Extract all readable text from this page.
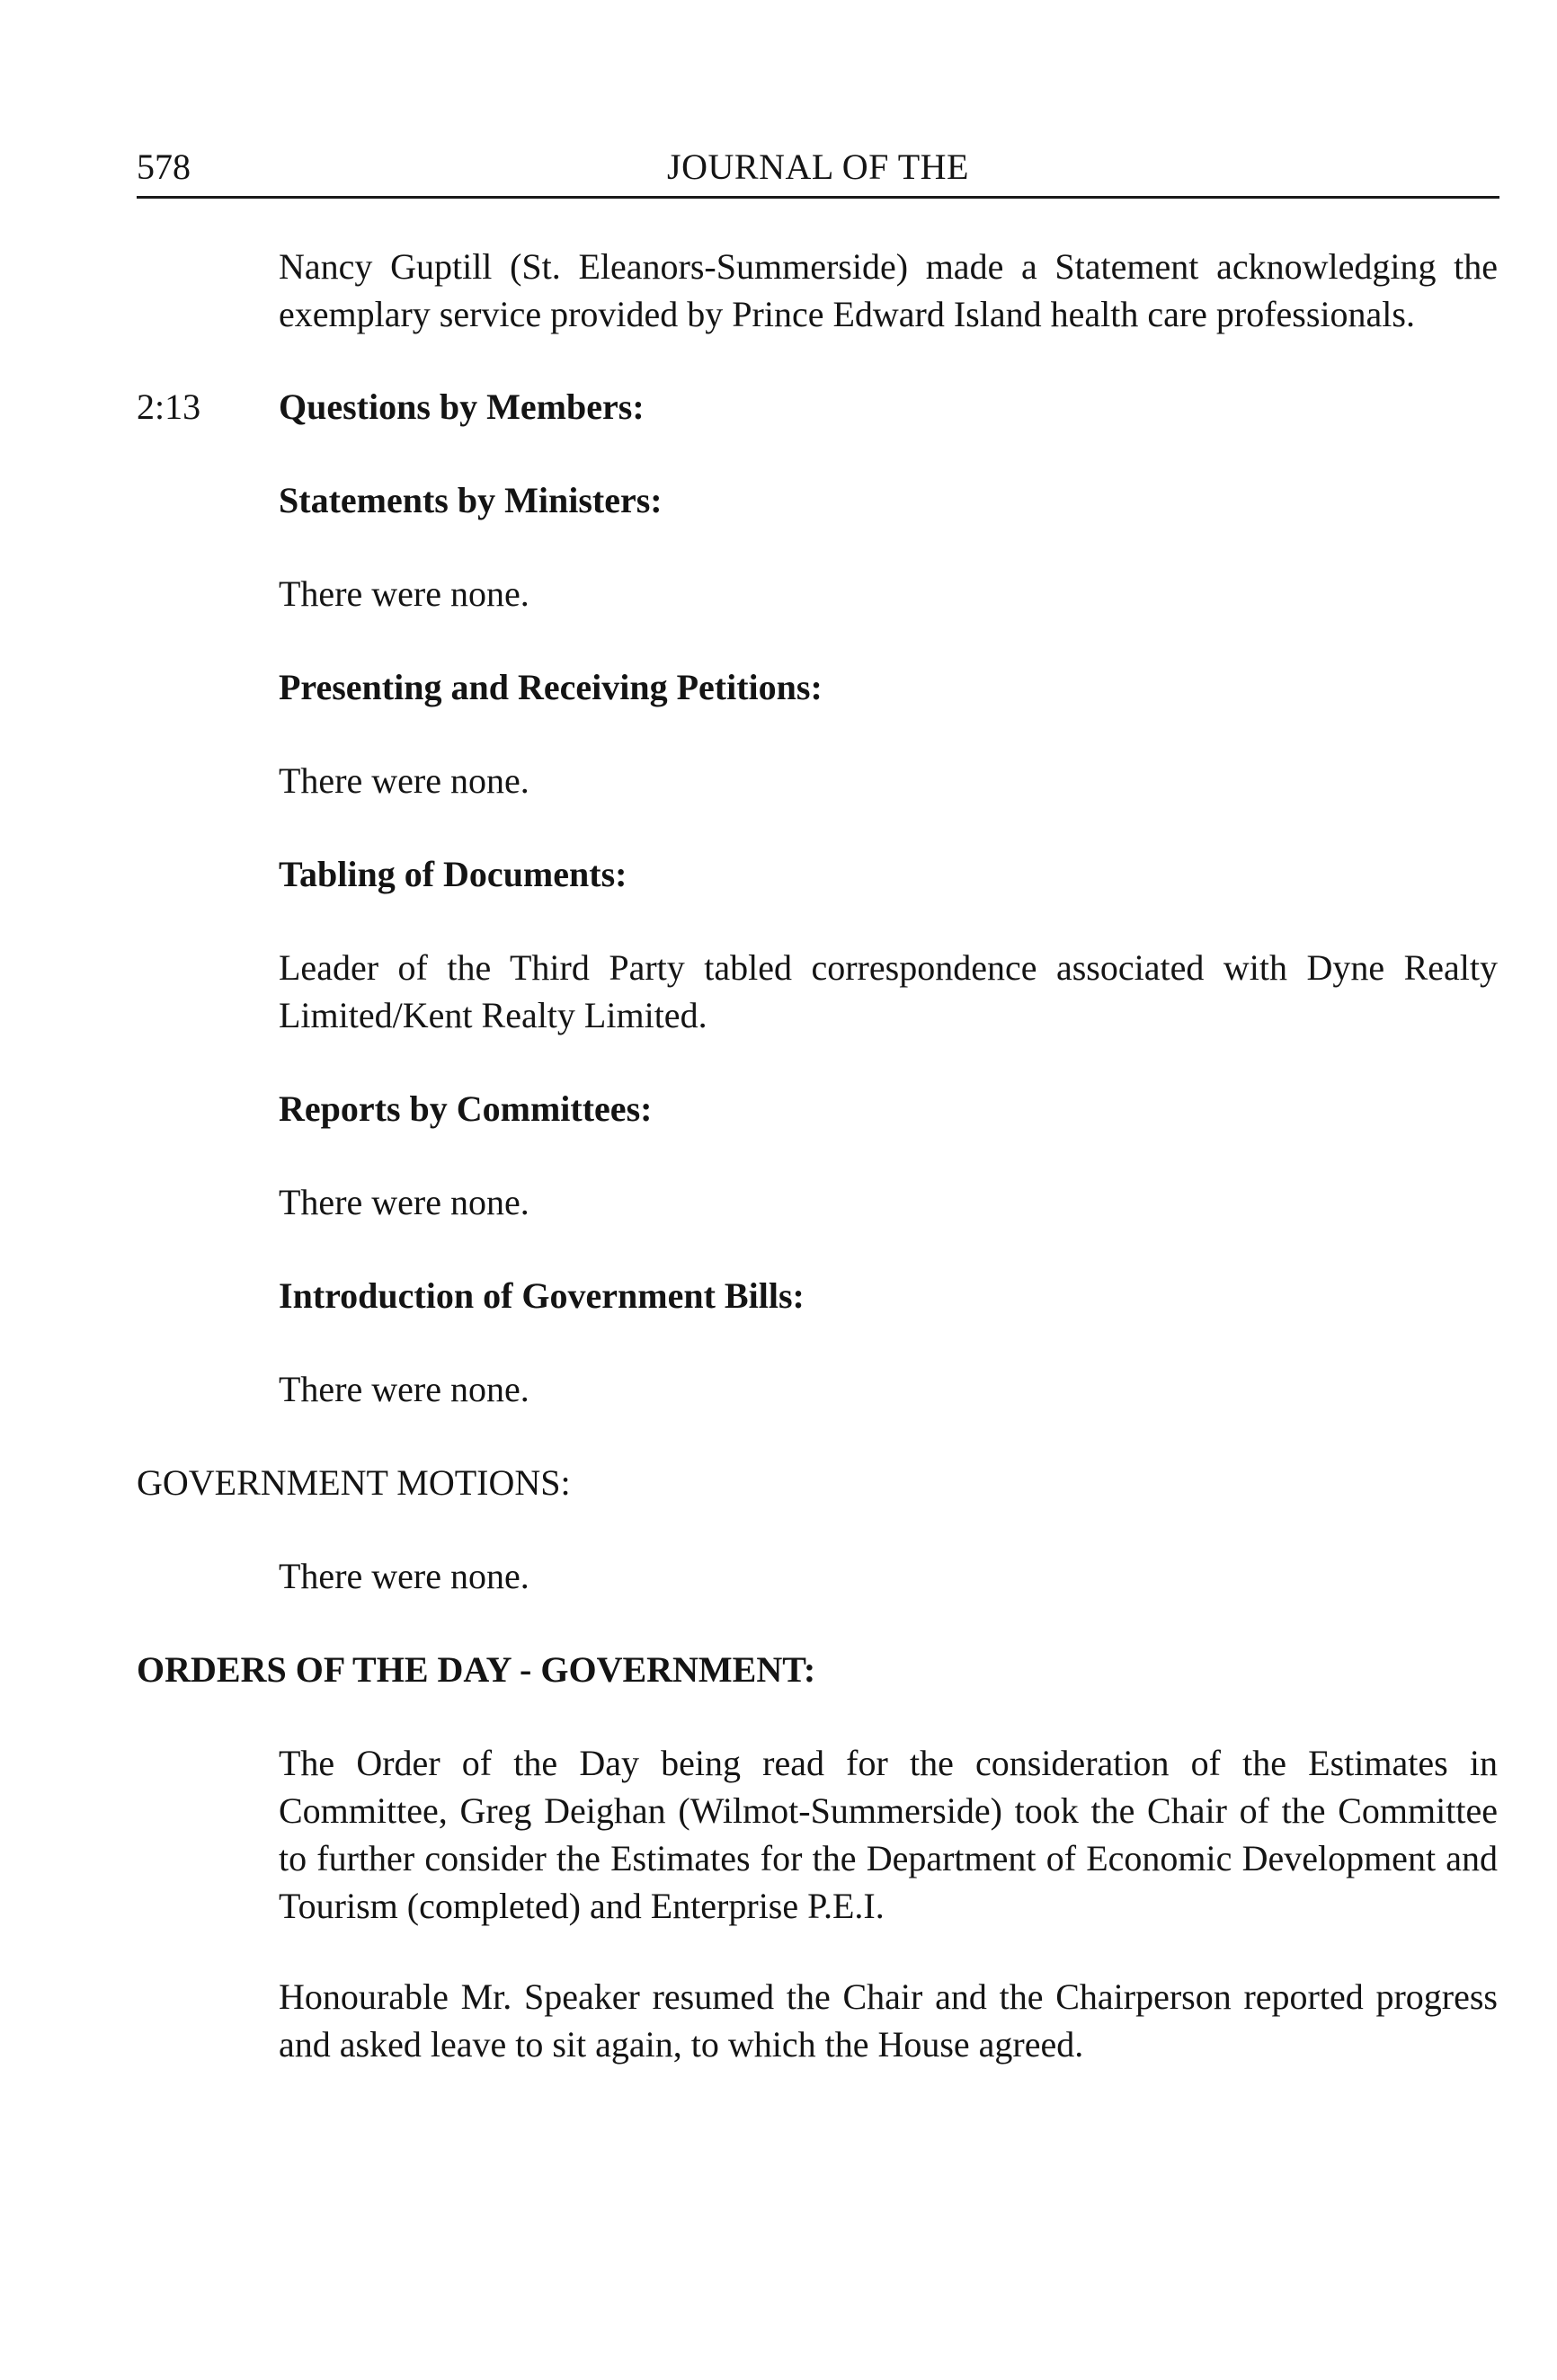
578	JOURNAL OF THE
Nancy Guptill (St. Eleanors-Summerside) made a Statement acknowledging the exemplary service provided by Prince Edward Island health care professionals.
2:13 Questions by Members:
Statements by Ministers:
There were none.
Presenting and Receiving Petitions:
There were none.
Tabling of Documents:
Leader of the Third Party tabled correspondence associated with Dyne Realty Limited/Kent Realty Limited.
Reports by Committees:
There were none.
Introduction of Government Bills:
There were none.
GOVERNMENT MOTIONS:
There were none.
ORDERS OF THE DAY - GOVERNMENT:
The Order of the Day being read for the consideration of the Estimates in Committee, Greg Deighan (Wilmot-Summerside) took the Chair of the Committee to further consider the Estimates for the Department of Economic Development and Tourism (completed) and Enterprise P.E.I.
Honourable Mr. Speaker resumed the Chair and the Chairperson reported progress and asked leave to sit again, to which the House agreed.
